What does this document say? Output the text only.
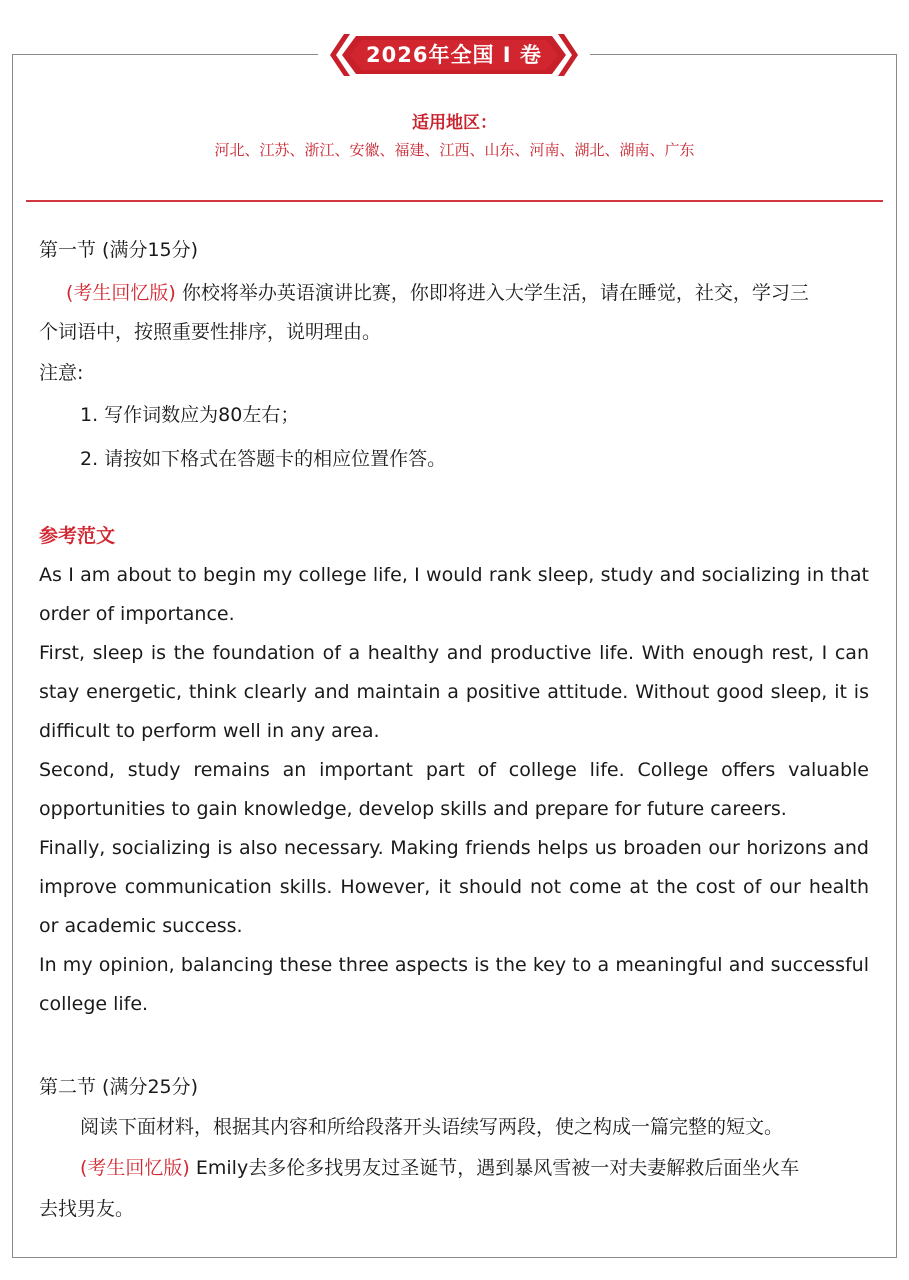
2026年全国 I 卷
适用地区：
河北、江苏、浙江、安徽、福建、江西、山东、河南、湖北、湖南、广东
第一节 (满分15分)
(考生回忆版) 你校将举办英语演讲比赛，你即将进入大学生活，请在睡觉，社交，学习三
个词语中，按照重要性排序，说明理由。
注意:
1. 写作词数应为80左右；
2. 请按如下格式在答题卡的相应位置作答。
参考范文
As I am about to begin my college life, I would rank sleep, study and socializing in that order of importance.
First, sleep is the foundation of a healthy and productive life. With enough rest, I can stay energetic, think clearly and maintain a positive attitude. Without good sleep, it is difficult to perform well in any area.
Second, study remains an important part of college life. College offers valuable opportunities to gain knowledge, develop skills and prepare for future careers.
Finally, socializing is also necessary. Making friends helps us broaden our horizons and improve communication skills. However, it should not come at the cost of our health or academic success.
In my opinion, balancing these three aspects is the key to a meaningful and successful college life.
第二节 (满分25分)
阅读下面材料，根据其内容和所给段落开头语续写两段，使之构成一篇完整的短文。
(考生回忆版) Emily去多伦多找男友过圣诞节，遇到暴风雪被一对夫妻解救后面坐火车
去找男友。
